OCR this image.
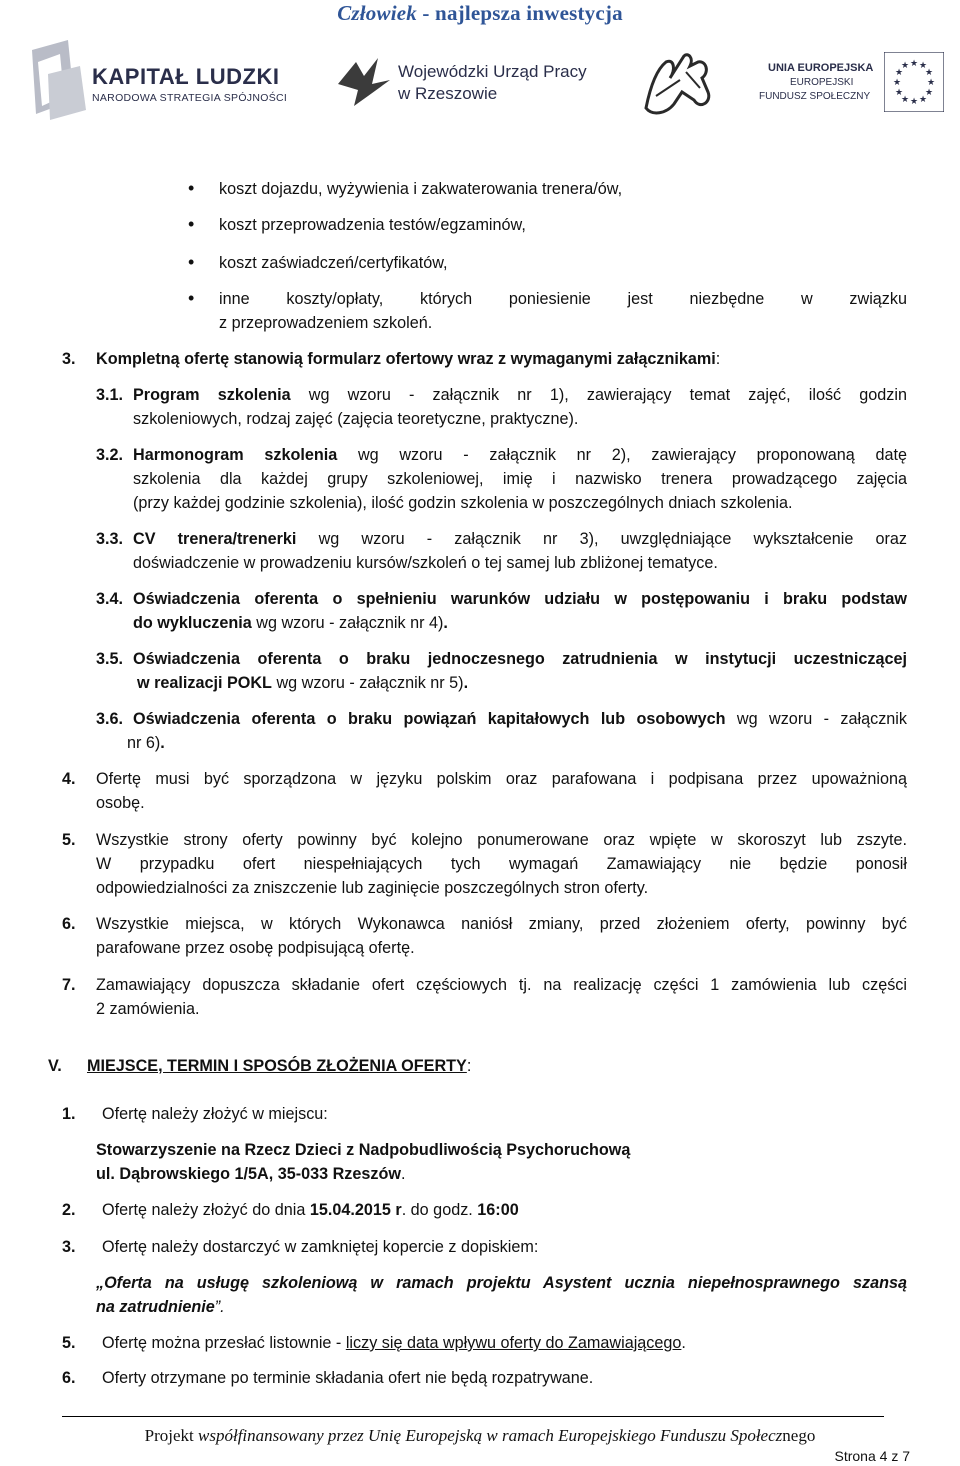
Człowiek - najlepsza inwestycja
KAPITAŁ LUDZKI
NARODOWA STRATEGIA SPÓJNOŚCI
Wojewódzki Urząd Pracy
w Rzeszowie
UNIA EUROPEJSKA
EUROPEJSKI
FUNDUSZ SPOŁECZNY
★ ★
★
★
★
★
★
★
★
★
★
★
• koszt dojazdu, wyżywienia i zakwaterowania trenera/ów,
• koszt przeprowadzenia testów/egzaminów,
• koszt zaświadczeń/certyfikatów,
• inne koszty/opłaty, których poniesienie jest niezbędne w związku
z przeprowadzeniem szkoleń.
3. Kompletną ofertę stanowią formularz ofertowy wraz z wymaganymi załącznikami:
3.1. Program szkolenia wg wzoru - załącznik nr 1), zawierający temat zajęć, ilość godzin
szkoleniowych, rodzaj zajęć (zajęcia teoretyczne, praktyczne).
3.2. Harmonogram szkolenia wg wzoru - załącznik nr 2), zawierający proponowaną datę
szkolenia dla każdej grupy szkoleniowej, imię i nazwisko trenera prowadzącego zajęcia
(przy każdej godzinie szkolenia), ilość godzin szkolenia w poszczególnych dniach szkolenia.
3.3. CV trenera/trenerki wg wzoru - załącznik nr 3), uwzględniające wykształcenie oraz
doświadczenie w prowadzeniu kursów/szkoleń o tej samej lub zbliżonej tematyce.
3.4. Oświadczenia oferenta o spełnieniu warunków udziału w postępowaniu i braku podstaw
do wykluczenia wg wzoru - załącznik nr 4).
3.5. Oświadczenia oferenta o braku jednoczesnego zatrudnienia w instytucji uczestniczącej
w realizacji POKL wg wzoru - załącznik nr 5).
3.6. Oświadczenia oferenta o braku powiązań kapitałowych lub osobowych wg wzoru - załącznik
nr 6).
4. Ofertę musi być sporządzona w języku polskim oraz parafowana i podpisana przez upoważnioną
osobę.
5. Wszystkie strony oferty powinny być kolejno ponumerowane oraz wpięte w skoroszyt lub zszyte.
W przypadku ofert niespełniających tych wymagań Zamawiający nie będzie ponosił
odpowiedzialności za zniszczenie lub zaginięcie poszczególnych stron oferty.
6. Wszystkie miejsca, w których Wykonawca naniósł zmiany, przed złożeniem oferty, powinny być
parafowane przez osobę podpisującą ofertę.
7. Zamawiający dopuszcza składanie ofert częściowych tj. na realizację części 1 zamówienia lub części
2 zamówienia.
V. MIEJSCE, TERMIN I SPOSÓB ZŁOŻENIA OFERTY:
1. Ofertę należy złożyć w miejscu:
Stowarzyszenie na Rzecz Dzieci z Nadpobudliwością Psychoruchową
ul. Dąbrowskiego 1/5A, 35-033 Rzeszów.
2. Ofertę należy złożyć do dnia 15.04.2015 r. do godz. 16:00
3. Ofertę należy dostarczyć w zamkniętej kopercie z dopiskiem:
„Oferta na usługę szkoleniową w ramach projektu Asystent ucznia niepełnosprawnego szansą
na zatrudnienie”.
5. Ofertę można przesłać listownie - liczy się data wpływu oferty do Zamawiającego.
6. Oferty otrzymane po terminie składania ofert nie będą rozpatrywane.
Projekt współfinansowany przez Unię Europejską w ramach Europejskiego Funduszu Społecznego
Strona 4 z 7
